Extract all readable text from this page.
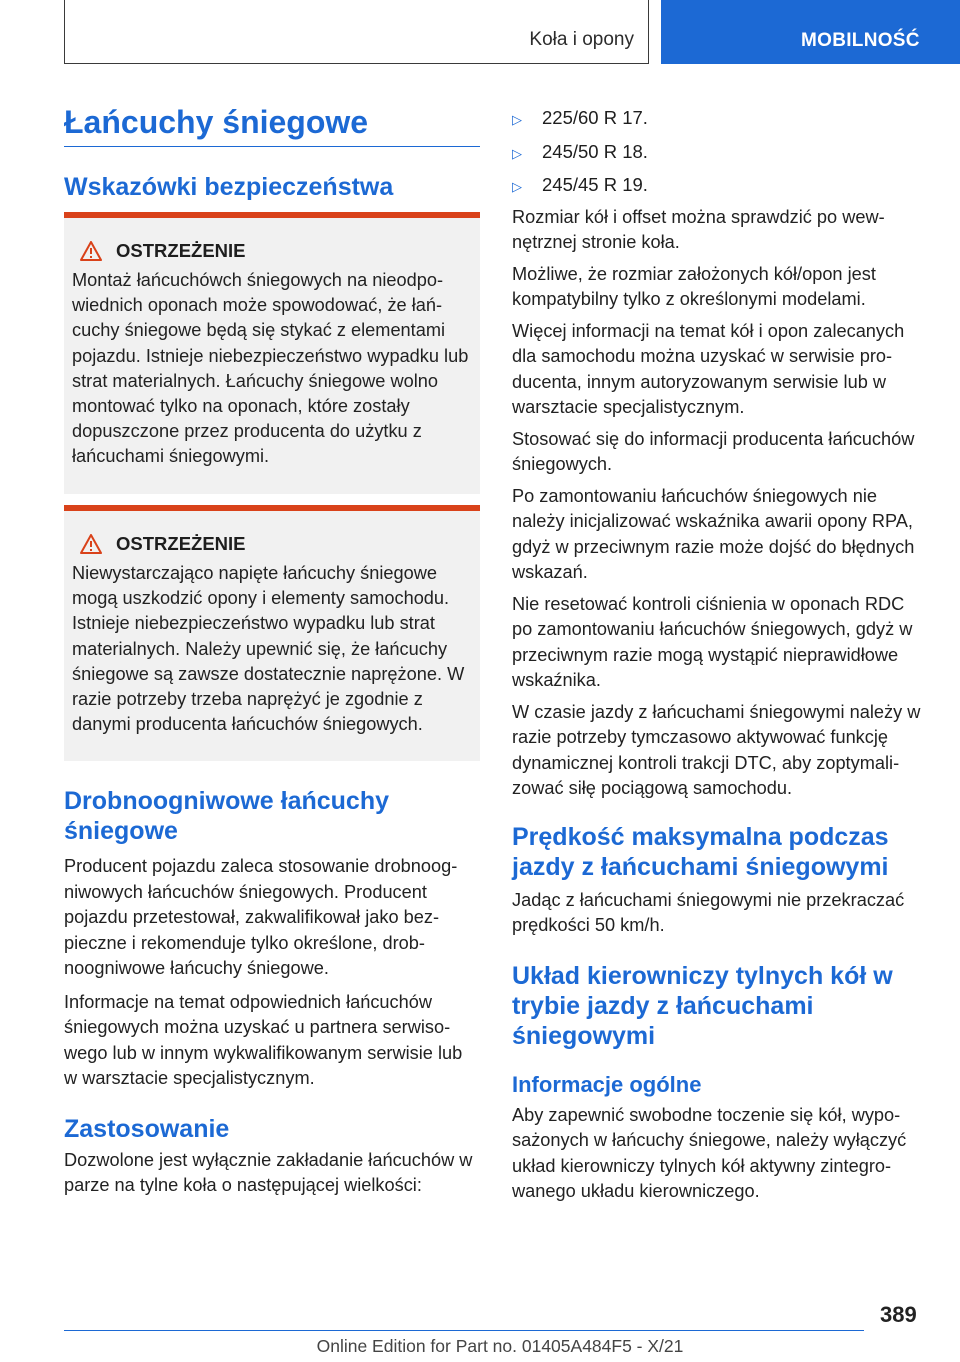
Koła i opony	MOBILNOŚĆ
Łańcuchy śniegowe
Wskazówki bezpieczeństwa
OSTRZEŻENIE

Montaż łańcuchówch śniegowych na nieodpowiednich oponach może spowodować, że łańcuchy śniegowe będą się stykać z elementami pojazdu. Istnieje niebezpieczeństwo wypadku lub strat materialnych. Łańcuchy śniegowe wolno montować tylko na oponach, które zostały dopuszczone przez producenta do użytku z łańcuchami śniegowymi.

OSTRZEŻENIE

Niewystarczająco napięte łańcuchy śniegowe mogą uszkodzić opony i elementy samochodu. Istnieje niebezpieczeństwo wypadku lub strat materialnych. Należy upewnić się, że łańcuchy śniegowe są zawsze dostatecznie naprężone. W razie potrzeby trzeba naprężyć je zgodnie z danymi producenta łańcuchów śniegowych.

Drobnoogniwowe łańcuchy śniegowe

Producent pojazdu zaleca stosowanie drobnoogniwowych łańcuchów śniegowych. Producent pojazdu przetestował, zakwalifikował jako bezpieczne i rekomenduje tylko określone, drobnoogniwowe łańcuchy śniegowe.

Informacje na temat odpowiednich łańcuchów śniegowych można uzyskać u partnera serwisowego lub w innym wykwalifikowanym serwisie lub w warsztacie specjalistycznym.

Zastosowanie

Dozwolone jest wyłącznie zakładanie łańcuchów w parze na tylne koła o następującej wielkości:

▷	225/60 R 17.
▷	245/50 R 18.
▷	245/45 R 19.

Rozmiar kół i offset można sprawdzić po wewnętrznej stronie koła.

Możliwe, że rozmiar założonych kół/opon jest kompatybilny tylko z określonymi modelami.

Więcej informacji na temat kół i opon zalecanych dla samochodu można uzyskać w serwisie producenta, innym autoryzowanym serwisie lub w warsztacie specjalistycznym.

Stosować się do informacji producenta łańcuchów śniegowych.

Po zamontowaniu łańcuchów śniegowych nie należy inicjalizować wskaźnika awarii opony RPA, gdyż w przeciwnym razie może dojść do błędnych wskazań.

Nie resetować kontroli ciśnienia w oponach RDC po zamontowaniu łańcuchów śniegowych, gdyż w przeciwnym razie mogą wystąpić nieprawidłowe wskaźnika.

W czasie jazdy z łańcuchami śniegowymi należy w razie potrzeby tymczasowo aktywować funkcję dynamicznej kontroli trakcji DTC, aby zoptymalizować siłę pociągową samochodu.

Prędkość maksymalna podczas jazdy z łańcuchami śniegowymi

Jadąc z łańcuchami śniegowymi nie przekraczać prędkości 50 km/h.

Układ kierowniczy tylnych kół w trybie jazdy z łańcuchami śniegowymi
Informacje ogólne

Aby zapewnić swobodne toczenie się kół, wyposażonych w łańcuchy śniegowe, należy wyłączyć układ kierowniczy tylnych kół aktywny zintegrowanego układu kierowniczego.

389
Online Edition for Part no. 01405A484F5 - X/21
